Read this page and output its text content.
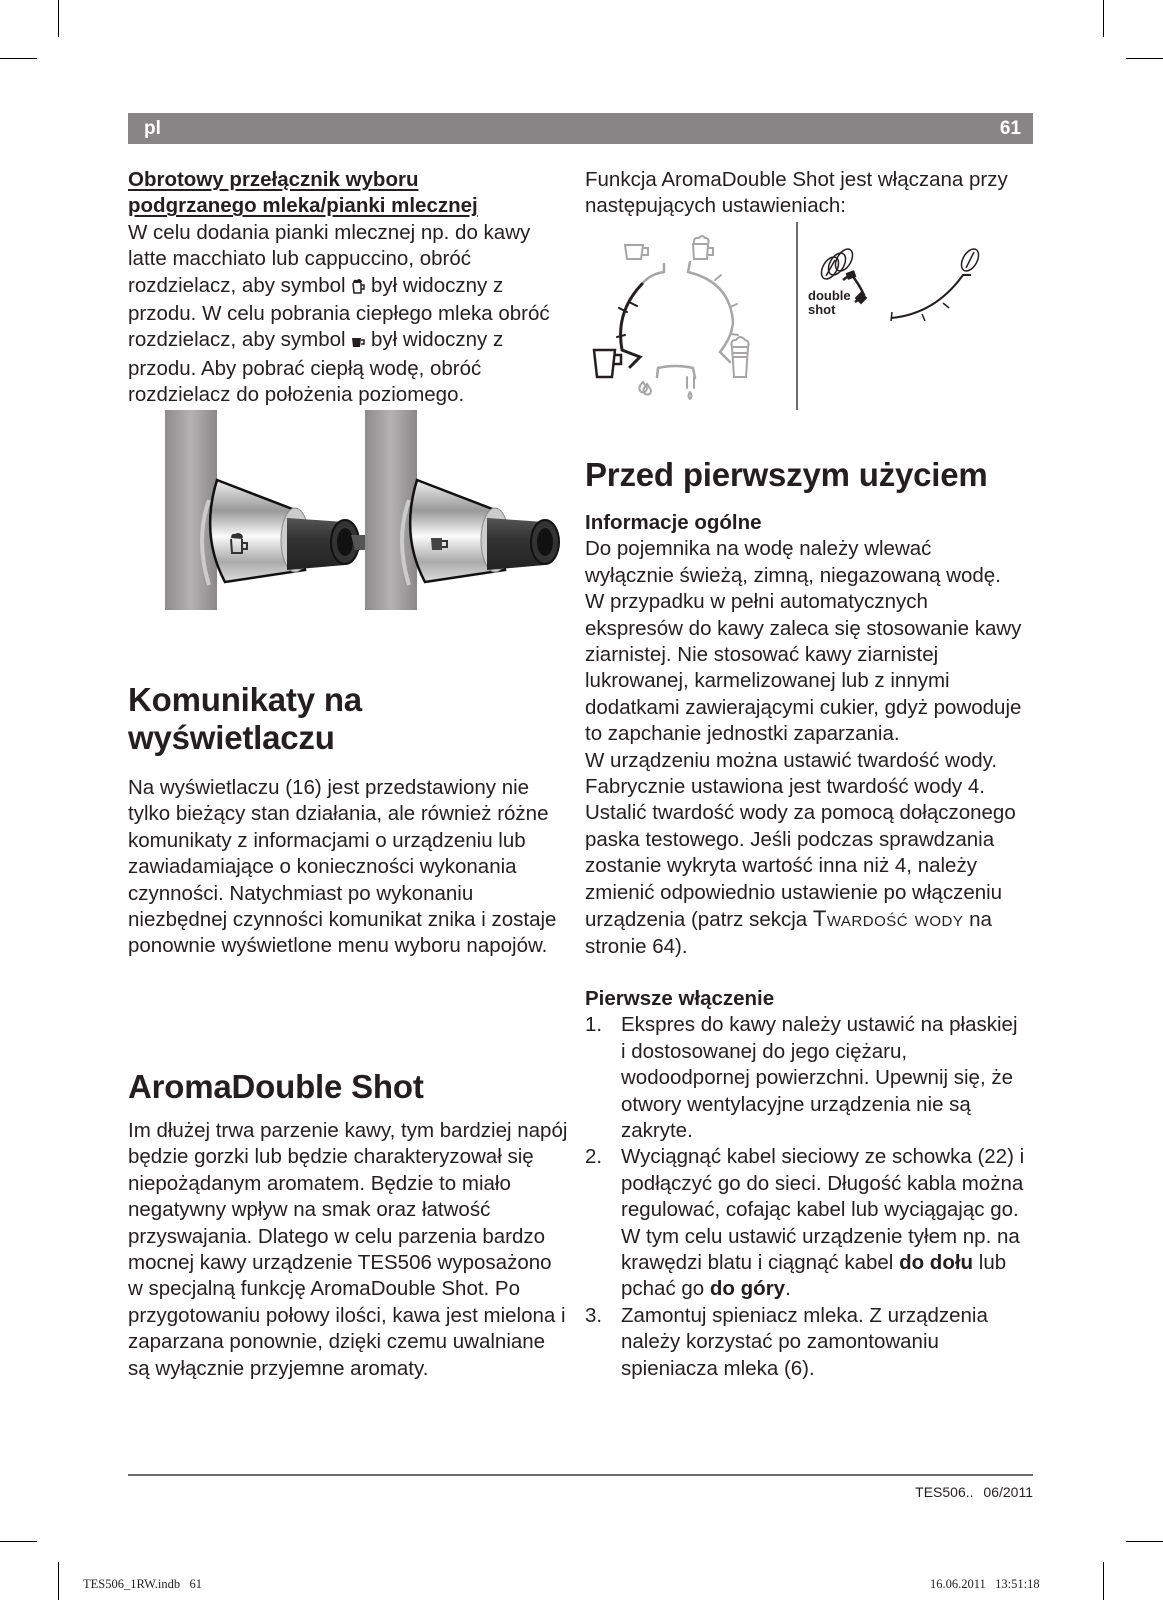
pl	61

Obrotowy przełącznik wyboru
podgrzanego mleka/pianki mlecznej

W celu dodania pianki mlecznej np. do kawy latte macchiato lub cappuccino, obróć rozdzielacz, aby symbol był widoczny z przodu. W celu pobrania ciepłego mleka obróć rozdzielacz, aby symbol był widoczny z przodu. Aby pobrać ciepłą wodę, obróć rozdzielacz do położenia poziomego.

Komunikaty na
wyświetlaczu

Na wyświetlaczu (16) jest przedstawiony nie tylko bieżący stan działania, ale również różne komunikaty z informacjami o urządzeniu lub zawiadamiające o konieczności wykonania czynności. Natychmiast po wykonaniu niezbędnej czynności komunikat znika i zostaje ponownie wyświetlone menu wyboru napojów.

AromaDouble Shot

Im dłużej trwa parzenie kawy, tym bardziej napój będzie gorzki lub będzie charakteryzował się niepożądanym aromatem. Będzie to miało negatywny wpływ na smak oraz łatwość przyswajania. Dlatego w celu parzenia bardzo mocnej kawy urządzenie TES506 wyposażono w specjalną funkcję AromaDouble Shot. Po przygotowaniu połowy ilości, kawa jest mielona i zaparzana ponownie, dzięki czemu uwalniane są wyłącznie przyjemne aromaty.

Funkcja AromaDouble Shot jest włączana przy następujących ustawieniach:

double
shot
Przed pierwszym użyciem

Informacje ogólne

Do pojemnika na wodę należy wlewać wyłącznie świeżą, zimną, niegazowaną wodę. W przypadku w pełni automatycznych ekspresów do kawy zaleca się stosowanie kawy ziarnistej. Nie stosować kawy ziarnistej lukrowanej, karmelizowanej lub z innymi dodatkami zawierającymi cukier, gdyż powoduje to zapchanie jednostki zaparzania.

W urządzeniu można ustawić twardość wody. Fabrycznie ustawiona jest twardość wody 4. Ustalić twardość wody za pomocą dołączonego paska testowego. Jeśli podczas sprawdzania zostanie wykryta wartość inna niż 4, należy zmienić odpowiednio ustawienie po włączeniu urządzenia (patrz sekcja Twardość wody na stronie 64).

Pierwsze włączenie

1. Ekspres do kawy należy ustawić na płaskiej i dostosowanej do jego ciężaru, wodoodpornej powierzchni. Upewnij się, że otwory wentylacyjne urządzenia nie są zakryte.
2. Wyciągnąć kabel sieciowy ze schowka (22) i podłączyć go do sieci. Długość kabla można regulować, cofając kabel lub wyciągając go. W tym celu ustawić urządzenie tyłem np. na krawędzi blatu i ciągnąć kabel do dołu lub pchać go do góry.
3. Zamontuj spieniacz mleka. Z urządzenia należy korzystać po zamontowaniu spieniacza mleka (6).
TES506.. 06/2011
TES506_1RW.indb   61	16.06.2011   13:51:18
